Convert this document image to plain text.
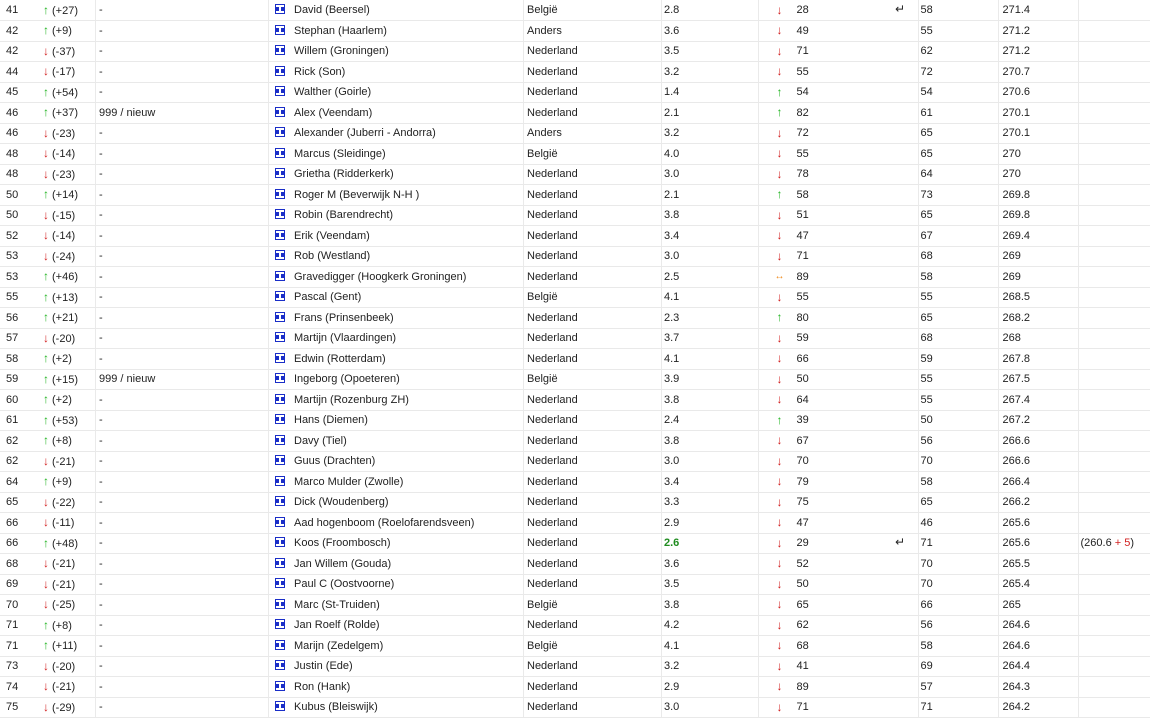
41	↑ (+27)	-	David (Beersel)	België	2.8	↓	28	↵	58	271.4	
42	↑ (+9)	-	Stephan (Haarlem)	Anders	3.6	↓	49		55	271.2	
42	↓ (-37)	-	Willem (Groningen)	Nederland	3.5	↓	71		62	271.2	
44	↓ (-17)	-	Rick (Son)	Nederland	3.2	↓	55		72	270.7	
45	↑ (+54)	-	Walther (Goirle)	Nederland	1.4	↑	54		54	270.6	
46	↑ (+37)	999 / nieuw	Alex (Veendam)	Nederland	2.1	↑	82		61	270.1	
46	↓ (-23)	-	Alexander (Juberri - Andorra)	Anders	3.2	↓	72		65	270.1	
48	↓ (-14)	-	Marcus (Sleidinge)	België	4.0	↓	55		65	270	
48	↓ (-23)	-	Grietha (Ridderkerk)	Nederland	3.0	↓	78		64	270	
50	↑ (+14)	-	Roger M (Beverwijk N-H )	Nederland	2.1	↑	58		73	269.8	
50	↓ (-15)	-	Robin (Barendrecht)	Nederland	3.8	↓	51		65	269.8	
52	↓ (-14)	-	Erik (Veendam)	Nederland	3.4	↓	47		67	269.4	
53	↓ (-24)	-	Rob (Westland)	Nederland	3.0	↓	71		68	269	
53	↑ (+46)	-	Gravedigger (Hoogkerk Groningen)	Nederland	2.5	↔	89		58	269	
55	↑ (+13)	-	Pascal (Gent)	België	4.1	↓	55		55	268.5	
56	↑ (+21)	-	Frans (Prinsenbeek)	Nederland	2.3	↑	80		65	268.2	
57	↓ (-20)	-	Martijn (Vlaardingen)	Nederland	3.7	↓	59		68	268	
58	↑ (+2)	-	Edwin (Rotterdam)	Nederland	4.1	↓	66		59	267.8	
59	↑ (+15)	999 / nieuw	Ingeborg (Opoeteren)	België	3.9	↓	50		55	267.5	
60	↑ (+2)	-	Martijn (Rozenburg ZH)	Nederland	3.8	↓	64		55	267.4	
61	↑ (+53)	-	Hans (Diemen)	Nederland	2.4	↑	39		50	267.2	
62	↑ (+8)	-	Davy (Tiel)	Nederland	3.8	↓	67		56	266.6	
62	↓ (-21)	-	Guus (Drachten)	Nederland	3.0	↓	70		70	266.6	
64	↑ (+9)	-	Marco Mulder (Zwolle)	Nederland	3.4	↓	79		58	266.4	
65	↓ (-22)	-	Dick (Woudenberg)	Nederland	3.3	↓	75		65	266.2	
66	↓ (-11)	-	Aad hogenboom (Roelofarendsveen)	Nederland	2.9	↓	47		46	265.6	
66	↑ (+48)	-	Koos (Froombosch)	Nederland	2.6	↓	29	↵	71	265.6	(260.6 + 5)
68	↓ (-21)	-	Jan Willem (Gouda)	Nederland	3.6	↓	52		70	265.5	
69	↓ (-21)	-	Paul C (Oostvoorne)	Nederland	3.5	↓	50		70	265.4	
70	↓ (-25)	-	Marc (St-Truiden)	België	3.8	↓	65		66	265	
71	↑ (+8)	-	Jan Roelf (Rolde)	Nederland	4.2	↓	62		56	264.6	
71	↑ (+11)	-	Marijn (Zedelgem)	België	4.1	↓	68		58	264.6	
73	↓ (-20)	-	Justin (Ede)	Nederland	3.2	↓	41		69	264.4	
74	↓ (-21)	-	Ron (Hank)	Nederland	2.9	↓	89		57	264.3	
75	↓ (-29)	-	Kubus (Bleiswijk)	Nederland	3.0	↓	71		71	264.2	
